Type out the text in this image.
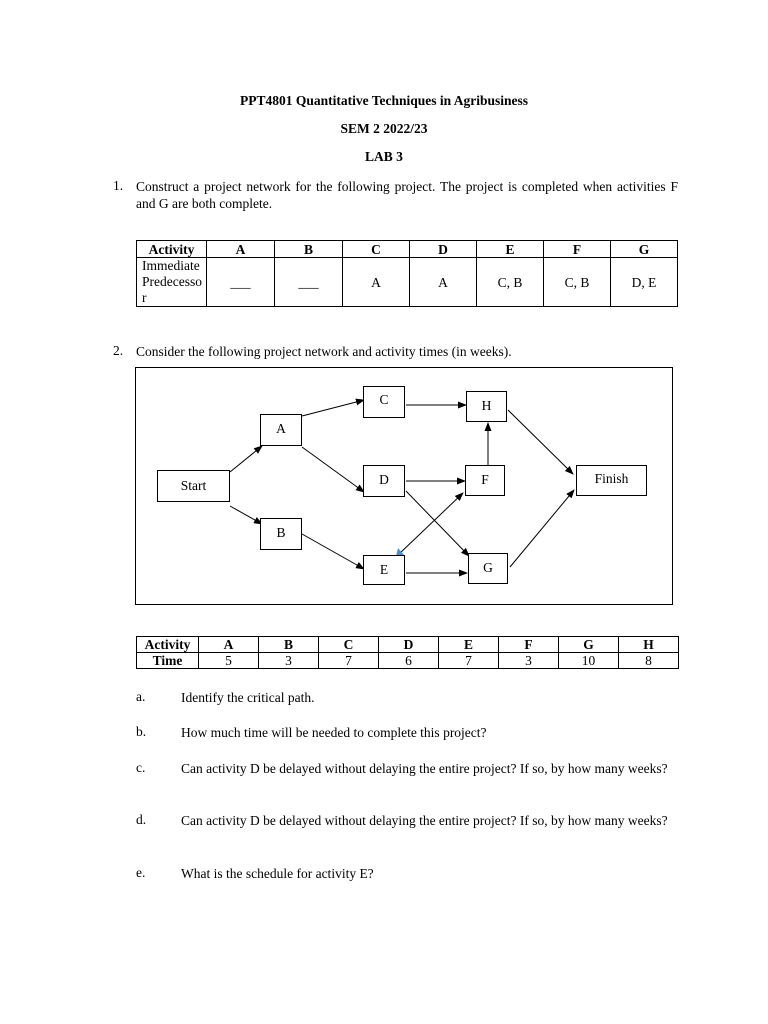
PPT4801 Quantitative Techniques in Agribusiness
SEM 2 2022/23
LAB 3
1. Construct a project network for the following project. The project is completed when activities F and G are both complete.
Activity	A	B	C	D	E	F	G
Immediate Predecessor	___	___	A	A	C, B	C, B	D, E
2. Consider the following project network and activity times (in weeks).
Start
A
B
C
D
E
F
G
H
Finish
Activity	A	B	C	D	E	F	G	H
Time	5	3	7	6	7	3	10	8
a.	Identify the critical path.
b.	How much time will be needed to complete this project?
c.	Can activity D be delayed without delaying the entire project? If so, by how many weeks?
d.	Can activity D be delayed without delaying the entire project? If so, by how many weeks?
e.	What is the schedule for activity E?
